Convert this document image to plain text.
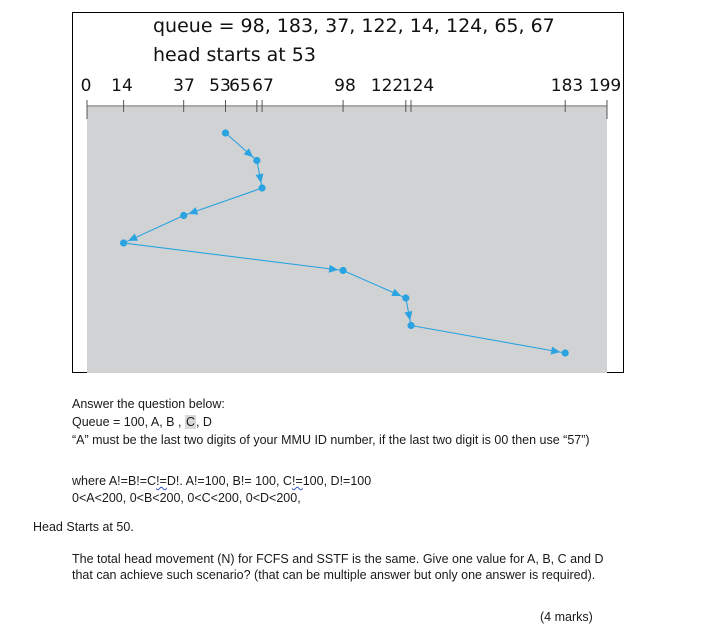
0 14 37 53
65 67	98 122
124	183 199
queue = 98, 183, 37, 122, 14, 124, 65, 67
head starts at 53
Answer the question below:
Queue = 100, A, B , C, D
“A” must be the last two digits of your MMU ID number, if the last two digit is 00 then use “57”)
where A!=B!=C!=D!. A!=100, B!= 100, C!=100, D!=100
0<A<200, 0<B<200, 0<C<200, 0<D<200,
Head Starts at 50.
The total head movement (N) for FCFS and SSTF is the same. Give one value for A, B, C and D that can achieve such scenario? (that can be multiple answer but only one answer is required).
(4 marks)
